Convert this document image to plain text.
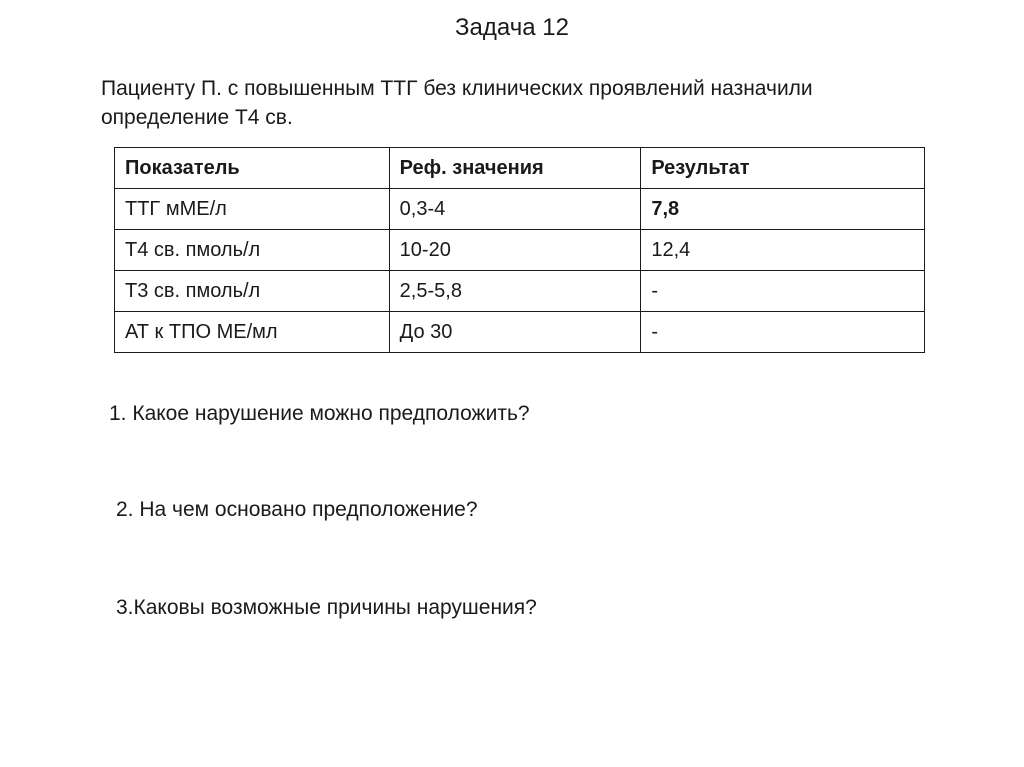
Задача 12
Пациенту П. с повышенным ТТГ без клинических проявлений назначили
определение Т4 св.
Показатель	Реф. значения	Результат
ТТГ мМЕ/л	0,3-4	7,8
Т4 св. пмоль/л	10-20	12,4
Т3 св. пмоль/л	2,5-5,8	-
АТ к ТПО МЕ/мл	До 30	-
1. Какое нарушение можно предположить?
2. На чем основано предположение?
3.Каковы возможные причины нарушения?
